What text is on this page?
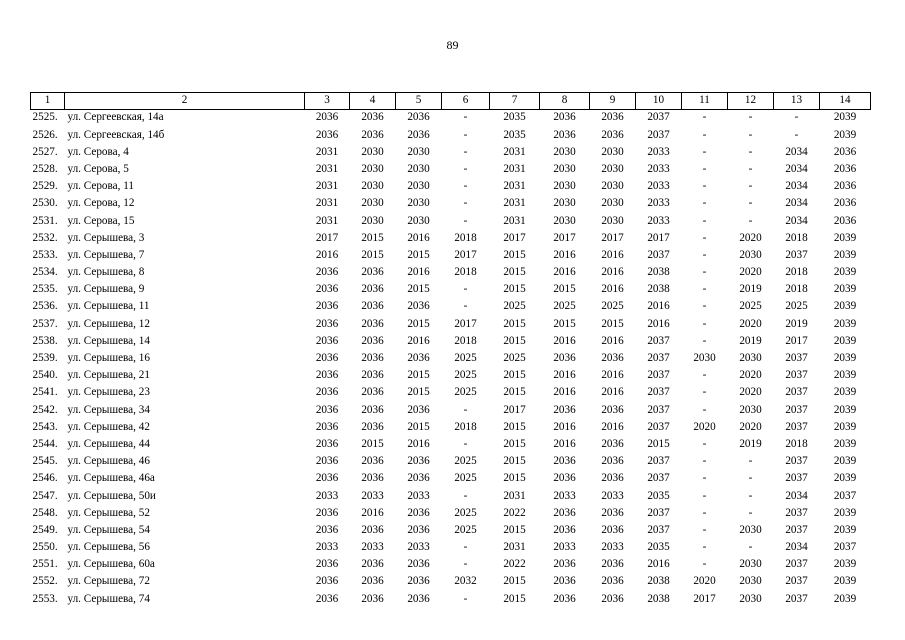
89
1	2	3	4	5	6	7	8	9	10	11	12	13	14
2525.	ул. Сергеевская, 14а	2036	2036	2036	-	2035	2036	2036	2037	-	-	-	2039
2526.	ул. Сергеевская, 14б	2036	2036	2036	-	2035	2036	2036	2037	-	-	-	2039
2527.	ул. Серова, 4	2031	2030	2030	-	2031	2030	2030	2033	-	-	2034	2036
2528.	ул. Серова, 5	2031	2030	2030	-	2031	2030	2030	2033	-	-	2034	2036
2529.	ул. Серова, 11	2031	2030	2030	-	2031	2030	2030	2033	-	-	2034	2036
2530.	ул. Серова, 12	2031	2030	2030	-	2031	2030	2030	2033	-	-	2034	2036
2531.	ул. Серова, 15	2031	2030	2030	-	2031	2030	2030	2033	-	-	2034	2036
2532.	ул. Серышева, 3	2017	2015	2016	2018	2017	2017	2017	2017	-	2020	2018	2039
2533.	ул. Серышева, 7	2016	2015	2015	2017	2015	2016	2016	2037	-	2030	2037	2039
2534.	ул. Серышева, 8	2036	2036	2016	2018	2015	2016	2016	2038	-	2020	2018	2039
2535.	ул. Серышева, 9	2036	2036	2015	-	2015	2015	2016	2038	-	2019	2018	2039
2536.	ул. Серышева, 11	2036	2036	2036	-	2025	2025	2025	2016	-	2025	2025	2039
2537.	ул. Серышева, 12	2036	2036	2015	2017	2015	2015	2015	2016	-	2020	2019	2039
2538.	ул. Серышева, 14	2036	2036	2016	2018	2015	2016	2016	2037	-	2019	2017	2039
2539.	ул. Серышева, 16	2036	2036	2036	2025	2025	2036	2036	2037	2030	2030	2037	2039
2540.	ул. Серышева, 21	2036	2036	2015	2025	2015	2016	2016	2037	-	2020	2037	2039
2541.	ул. Серышева, 23	2036	2036	2015	2025	2015	2016	2016	2037	-	2020	2037	2039
2542.	ул. Серышева, 34	2036	2036	2036	-	2017	2036	2036	2037	-	2030	2037	2039
2543.	ул. Серышева, 42	2036	2036	2015	2018	2015	2016	2016	2037	2020	2020	2037	2039
2544.	ул. Серышева, 44	2036	2015	2016	-	2015	2016	2036	2015	-	2019	2018	2039
2545.	ул. Серышева, 46	2036	2036	2036	2025	2015	2036	2036	2037	-	-	2037	2039
2546.	ул. Серышева, 46а	2036	2036	2036	2025	2015	2036	2036	2037	-	-	2037	2039
2547.	ул. Серышева, 50и	2033	2033	2033	-	2031	2033	2033	2035	-	-	2034	2037
2548.	ул. Серышева, 52	2036	2016	2036	2025	2022	2036	2036	2037	-	-	2037	2039
2549.	ул. Серышева, 54	2036	2036	2036	2025	2015	2036	2036	2037	-	2030	2037	2039
2550.	ул. Серышева, 56	2033	2033	2033	-	2031	2033	2033	2035	-	-	2034	2037
2551.	ул. Серышева, 60а	2036	2036	2036	-	2022	2036	2036	2016	-	2030	2037	2039
2552.	ул. Серышева, 72	2036	2036	2036	2032	2015	2036	2036	2038	2020	2030	2037	2039
2553.	ул. Серышева, 74	2036	2036	2036	-	2015	2036	2036	2038	2017	2030	2037	2039
